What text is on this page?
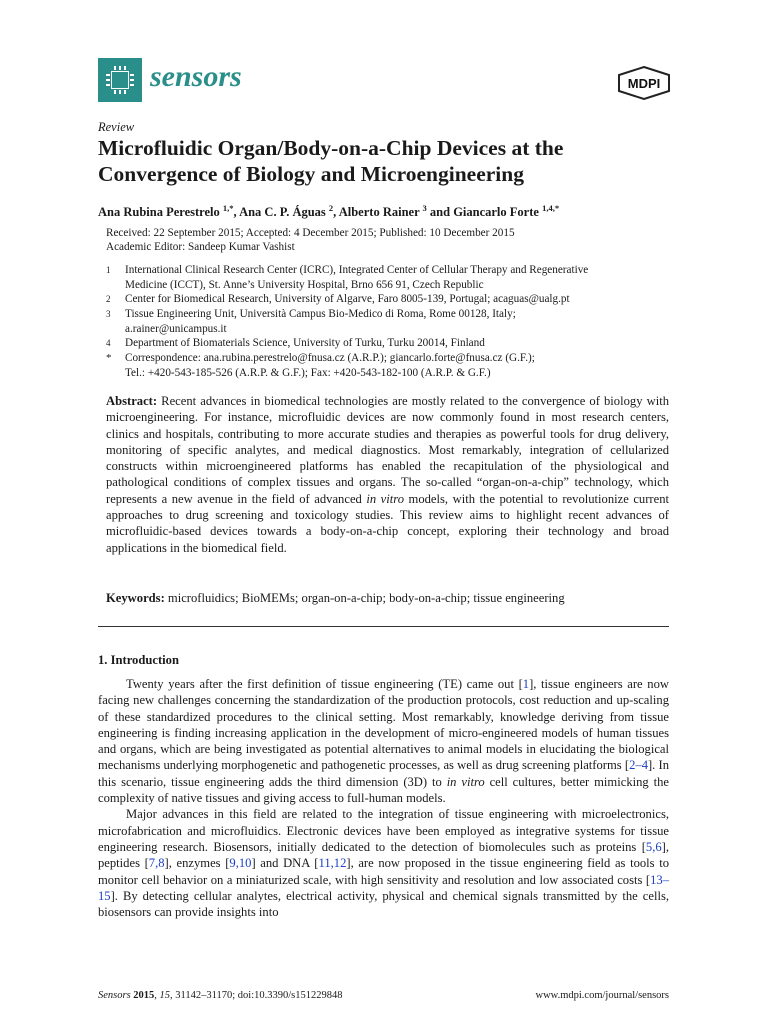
sensors	MDPI
Review
Microfluidic Organ/Body-on-a-Chip Devices at the Convergence of Biology and Microengineering
Ana Rubina Perestrelo $^{1,*}$, Ana C. P. Águas $^2$, Alberto Rainer $^3$ and Giancarlo Forte $^{1,4,*}$
Received: 22 September 2015; Accepted: 4 December 2015; Published: 10 December 2015
Academic Editor: Sandeep Kumar Vashist
1 International Clinical Research Center (ICRC), Integrated Center of Cellular Therapy and Regenerative
Medicine (ICCT), St. Anne’s University Hospital, Brno 656 91, Czech Republic
2 Center for Biomedical Research, University of Algarve, Faro 8005-139, Portugal; acaguas@ualg.pt
3 Tissue Engineering Unit, Università Campus Bio-Medico di Roma, Rome 00128, Italy;
a.rainer@unicampus.it
4 Department of Biomaterials Science, University of Turku, Turku 20014, Finland
* Correspondence: ana.rubina.perestrelo@fnusa.cz (A.R.P.); giancarlo.forte@fnusa.cz (G.F.);
Tel.: +420-543-185-526 (A.R.P. & G.F.); Fax: +420-543-182-100 (A.R.P. & G.F.)
Abstract: Recent advances in biomedical technologies are mostly related to the convergence of biology with microengineering. For instance, microfluidic devices are now commonly found in most research centers, clinics and hospitals, contributing to more accurate studies and therapies as powerful tools for drug delivery, monitoring of specific analytes, and medical diagnostics. Most remarkably, integration of cellularized constructs within microengineered platforms has enabled the recapitulation of the physiological and pathological conditions of complex tissues and organs. The so-called “organ-on-a-chip” technology, which represents a new avenue in the field of advanced in vitro models, with the potential to revolutionize current approaches to drug screening and toxicology studies. This review aims to highlight recent advances of microfluidic-based devices towards a body-on-a-chip concept, exploring their technology and broad applications in the biomedical field.
Keywords: microfluidics; BioMEMs; organ-on-a-chip; body-on-a-chip; tissue engineering
1. Introduction

Twenty years after the first definition of tissue engineering (TE) came out [1], tissue engineers are now facing new challenges concerning the standardization of the production protocols, cost reduction and up-scaling of these standardized procedures to the clinical setting. Most remarkably, knowledge deriving from tissue engineering is finding increasing application in the development of micro-engineered models of human tissues and organs, which are being investigated as potential alternatives to animal models in elucidating the biological mechanisms underlying morphogenetic and pathogenetic processes, as well as drug screening platforms [2–4]. In this scenario, tissue engineering adds the third dimension (3D) to in vitro cell cultures, better mimicking the complexity of native tissues and giving access to full-human models.

Major advances in this field are related to the integration of tissue engineering with microelectronics, microfabrication and microfluidics. Electronic devices have been employed as integrative systems for tissue engineering research. Biosensors, initially dedicated to the detection of biomolecules such as proteins [5,6], peptides [7,8], enzymes [9,10] and DNA [11,12], are now proposed in the tissue engineering field as tools to monitor cell behavior on a miniaturized scale, with high sensitivity and resolution and low associated costs [13–15]. By detecting cellular analytes, electrical activity, physical and chemical signals transmitted by the cells, biosensors can provide insights into

Sensors 2015, 15, 31142–31170; doi:10.3390/s151229848	www.mdpi.com/journal/sensors
